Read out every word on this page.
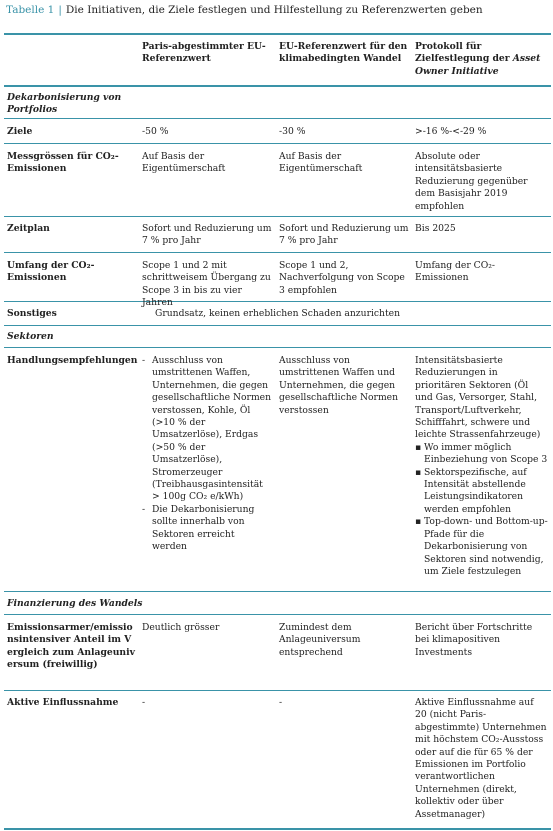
Tabelle 1 | Die Initiativen, die Ziele festlegen und Hilfestellung zu Referenzwerten geben
Paris-abgestimmter EU-Referenzwert
EU-Referenzwert für den klimabedingten Wandel
Protokoll für Zielfestlegung der Asset Owner Initiative
Dekarbonisierung von Portfolios
Ziele	-50 %	-30 %	>-16 %-<-29 %
Messgrössen für CO₂-Emissionen
Auf Basis der Eigentümerschaft
Auf Basis der Eigentümerschaft
Absolute oder intensitätsbasierte Reduzierung gegenüber dem Basisjahr 2019 empfohlen
Zeitplan	Sofort und Reduzierung um 7 % pro Jahr
Sofort und Reduzierung um 7 % pro Jahr
Bis 2025
Umfang der CO₂-Emissionen
Scope 1 und 2 mit schrittweisem Übergang zu Scope 3 in bis zu vier Jahren
Scope 1 und 2, Nachverfolgung von Scope 3 empfohlen
Umfang der CO₂-Emissionen
Sonstiges	Grundsatz, keinen erheblichen Schaden anzurichten
Sektoren
Handlungsempfehlungen
-	Ausschluss von umstrittenen Waffen, Unternehmen, die gegen gesellschaftliche Normen verstossen, Kohle, Öl (>10 % der Umsatzerlöse), Erdgas (>50 % der Umsatzerlöse), Stromerzeuger (Treibhausgasintensität > 100g CO₂ e/kWh)
- Die Dekarbonisierung sollte innerhalb von Sektoren erreicht werden
Ausschluss von umstrittenen Waffen und Unternehmen, die gegen gesellschaftliche Normen verstossen
Intensitätsbasierte Reduzierungen in prioritären Sektoren (Öl und Gas, Versorger, Stahl, Transport/Luftverkehr, Schifffahrt, schwere und leichte Strassenfahrzeuge)
▪ Wo immer möglich Einbeziehung von Scope 3
▪ Sektorspezifische, auf Intensität abstellende Leistungsindikatoren werden empfohlen
▪ Top-down- und Bottom-up-Pfade für die Dekarbonisierung von Sektoren sind notwendig, um Ziele festzulegen
Finanzierung des Wandels
Emissionsarmer/emissionsintensiver Anteil im Vergleich zum Anlageuniversum (freiwillig)
Deutlich grösser	Zumindest dem Anlageuniversum entsprechend
Bericht über Fortschritte bei klimapositiven Investments
Aktive Einflussnahme	-	-	Aktive Einflussnahme auf 20 (nicht Paris-abgestimmte) Unternehmen mit höchstem CO₂-Ausstoss oder auf die für 65 % der Emissionen im Portfolio verantwortlichen Unternehmen (direkt, kollektiv oder über Assetmanager)
